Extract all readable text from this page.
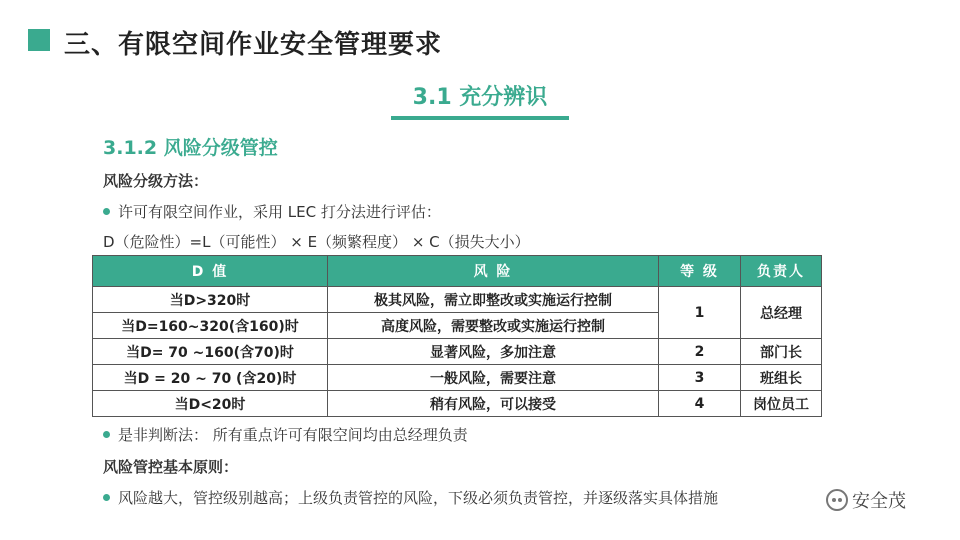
三、有限空间作业安全管理要求
3.1 充分辨识
3.1.2 风险分级管控
风险分级方法：
许可有限空间作业，采用 LEC 打分法进行评估：
D（危险性）=L（可能性） × E（频繁程度） × C（损失大小）
D 值	风 险	等 级	负责人
当D>320时	极其风险，需立即整改或实施运行控制	1	总经理
当D=160~320(含160)时	高度风险，需要整改或实施运行控制		
当D= 70 ~160(含70)时	显著风险，多加注意	2	部门长
当D = 20 ~ 70 (含20)时	一般风险，需要注意	3	班组长
当D<20时	稍有风险，可以接受	4	岗位员工
是非判断法： 所有重点许可有限空间均由总经理负责
风险管控基本原则：
风险越大，管控级别越高；上级负责管控的风险，下级必须负责管控，并逐级落实具体措施	安全茂
